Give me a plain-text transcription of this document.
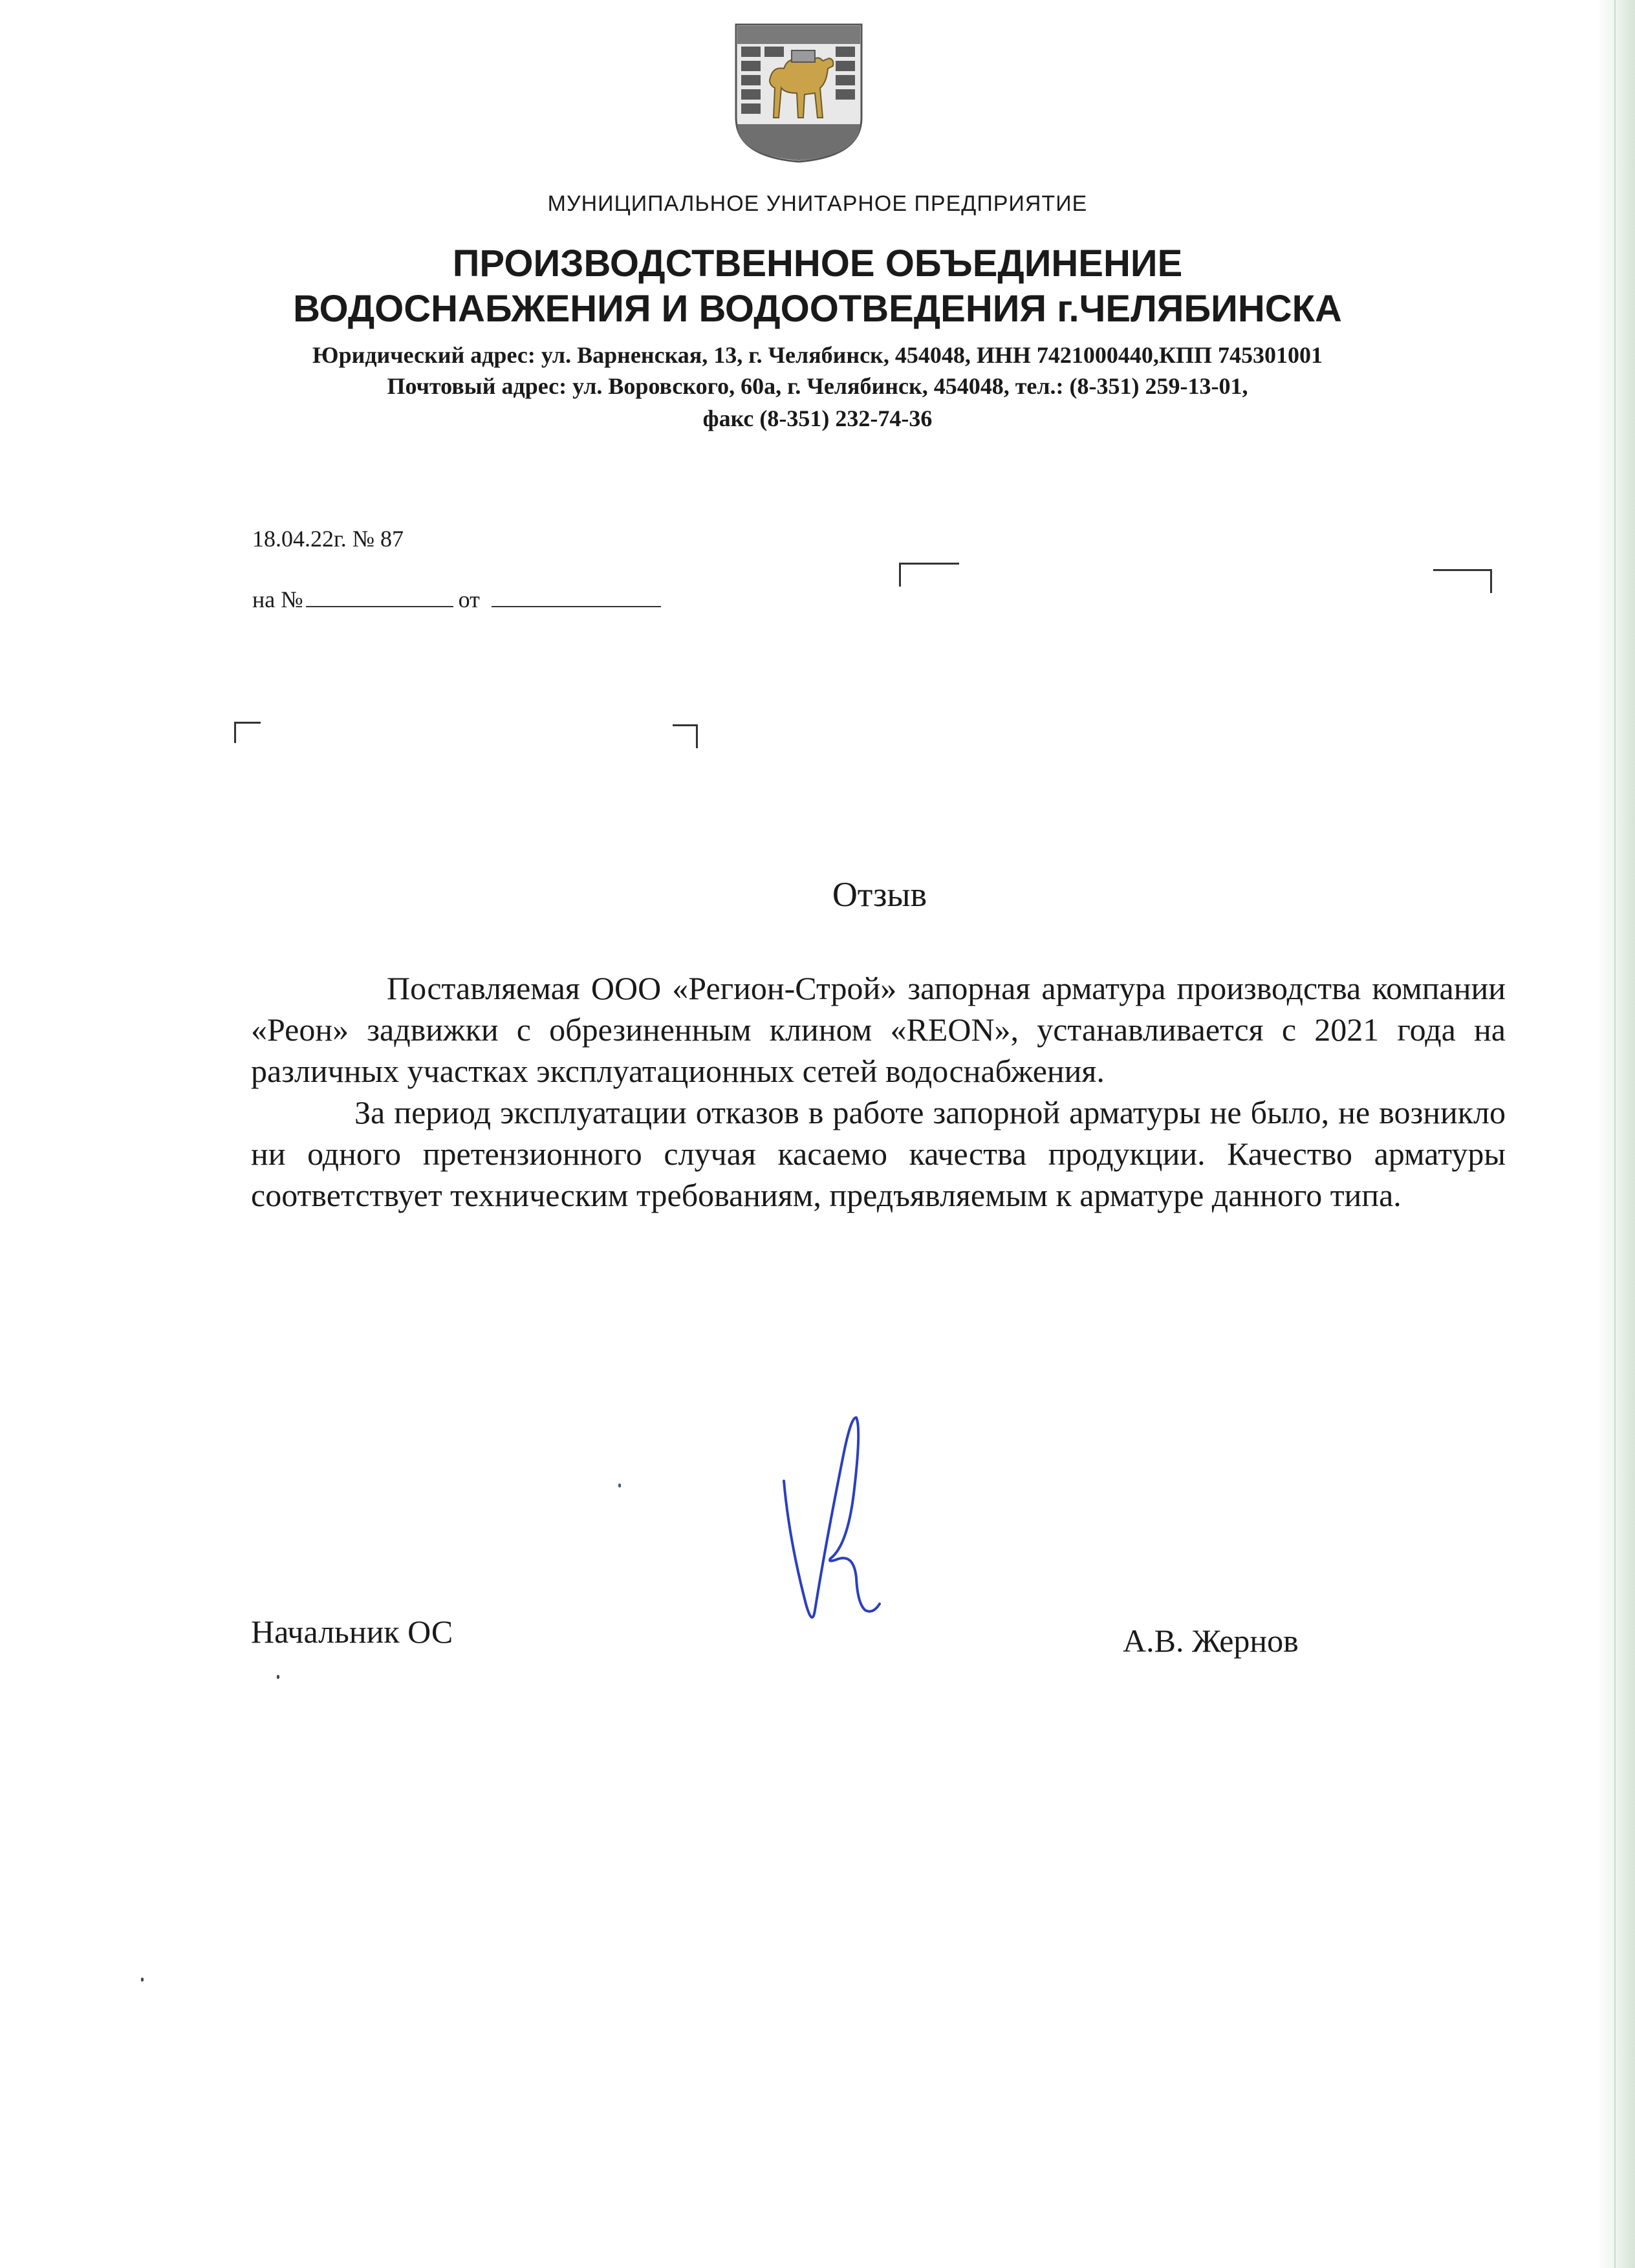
МУНИЦИПАЛЬНОЕ УНИТАРНОЕ ПРЕДПРИЯТИЕ

ПРОИЗВОДСТВЕННОЕ ОБЪЕДИНЕНИЕ

ВОДОСНАБЖЕНИЯ И ВОДООТВЕДЕНИЯ г.ЧЕЛЯБИНСКА

Юридический адрес: ул. Варненская, 13, г. Челябинск, 454048, ИНН 7421000440,КПП 745301001

Почтовый адрес: ул. Воровского, 60а, г. Челябинск, 454048, тел.: (8-351) 259-13-01,

факс (8-351) 232-74-36

18.04.22г. № 87
на №	от
Отзыв

Поставляемая ООО «Регион-Строй» запорная арматура производства компании «Реон» задвижки с обрезиненным клином «REON», устанавливается с 2021 года на различных участках эксплуатационных сетей водоснабжения.

За период эксплуатации отказов в работе запорной арматуры не было, не возникло ни одного претензионного случая касаемо качества продукции. Качество арматуры соответствует техническим требованиям, предъявляемым к арматуре данного типа.

Начальник ОС	А.В. Жернов
